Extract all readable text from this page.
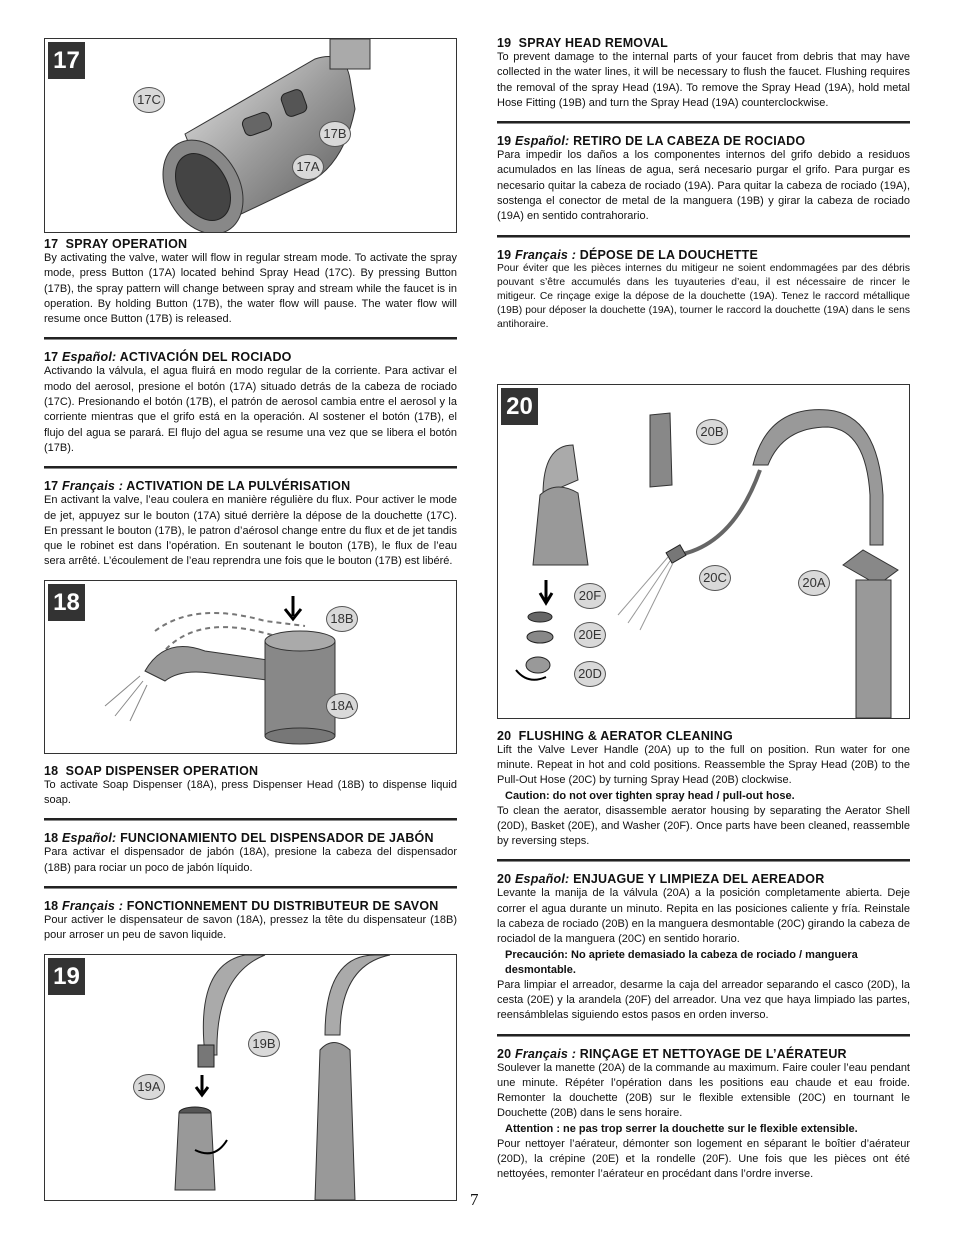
17
17C
17B
17A
17 SPRAY OPERATION

By activating the valve, water will flow in regular stream mode. To activate the spray mode, press Button (17A) located behind Spray Head (17C). By pressing Button (17B), the spray pattern will change between spray and stream while the faucet is in operation. By holding Button (17B), the water flow will pause. The water flow will resume once Button (17B) is released.

17 Español: ACTIVACIÓN DEL ROCIADO

Activando la válvula, el agua fluirá en modo regular de la corriente. Para activar el modo del aerosol, presione el botón (17A) situado detrás de la cabeza de rociado (17C). Presionando el botón (17B), el patrón de aerosol cambia entre el aerosol y la corriente mientras que el grifo está en la operación. Al sostener el botón (17B), el flujo del agua se parará. El flujo del agua se resume una vez que se libera el botón (17B).

17 Français : ACTIVATION DE LA PULVÉRISATION

En activant la valve, l’eau coulera en manière régulière du flux. Pour activer le mode de jet, appuyez sur le bouton (17A) situé derrière la dépose de la douchette (17C). En pressant le bouton (17B), le patron d’aérosol change entre du flux et de jet tandis que le robinet est dans l’opération. En soutenant le bouton (17B), le flux de l’eau sera arrêté. L’écoulement de l’eau reprendra une fois que le bouton (17B) est libéré.

18
18B
18A
18 SOAP DISPENSER OPERATION

To activate Soap Dispenser (18A), press Dispenser Head (18B) to dispense liquid soap.

18 Español: FUNCIONAMIENTO DEL DISPENSADOR DE JABÓN

Para activar el dispensador de jabón (18A), presione la cabeza del dispensador (18B) para rociar un poco de jabón líquido.

18 Français : FONCTIONNEMENT DU DISTRIBUTEUR DE SAVON

Pour activer le dispensateur de savon (18A), pressez la tête du dispensateur (18B) pour arroser un peu de savon liquide.

19
19B
19A
19 SPRAY HEAD REMOVAL

To prevent damage to the internal parts of your faucet from debris that may have collected in the water lines, it will be necessary to flush the faucet. Flushing requires the removal of the spray Head (19A). To remove the Spray Head (19A), hold metal Hose Fitting (19B) and turn the Spray Head (19A) counterclockwise.

19 Español: RETIRO DE LA CABEZA DE ROCIADO

Para impedir los daños a los componentes internos del grifo debido a residuos acumulados en las líneas de agua, será necesario purgar el grifo. Para purgar es necesario quitar la cabeza de rociado (19A). Para quitar la cabeza de rociado (19A), sostenga el conector de metal de la manguera (19B) y girar la cabeza de rociado (19A) en sentido contrahorario.

19 Français : DÉPOSE DE LA DOUCHETTE

Pour éviter que les pièces internes du mitigeur ne soient endommagées par des débris pouvant s’être accumulés dans les tuyauteries d’eau, il est nécessaire de rincer le mitigeur. Ce rinçage exige la dépose de la douchette (19A). Tenez le raccord métallique (19B) pour déposer la douchette (19A), tourner le raccord la douchette (19A) dans le sens antihoraire.

20
20B
20C	20A
20F
20E
20D
20 FLUSHING & AERATOR CLEANING

Lift the Valve Lever Handle (20A) up to the full on position. Run water for one minute. Repeat in hot and cold positions. Reassemble the Spray Head (20B) to the Pull-Out Hose (20C) by turning Spray Head (20B) clockwise.

Caution: do not over tighten spray head / pull-out hose.

To clean the aerator, disassemble aerator housing by separating the Aerator Shell (20D), Basket (20E), and Washer (20F). Once parts have been cleaned, reassemble by reversing steps.

20 Español: ENJUAGUE Y LIMPIEZA DEL AEREADOR

Levante la manija de la válvula (20A) a la posición completamente abierta. Deje correr el agua durante un minuto. Repita en las posiciones caliente y fría. Reinstale la cabeza de rociado (20B) en la manguera desmontable (20C) girando la cabeza de rociadol de la manguera (20C) en sentido horario.

Precaución: No apriete demasiado la cabeza de rociado / manguera desmontable.

Para limpiar el arreador, desarme la caja del arreador separando el casco (20D), la cesta (20E) y la arandela (20F) del arreador. Una vez que haya limpiado las partes, reensámblelas siguiendo estos pasos en orden inverso.

20 Français : RINÇAGE ET NETTOYAGE DE L’AÉRATEUR

Soulever la manette (20A) de la commande au maximum. Faire couler l’eau pendant une minute. Répéter l’opération dans les positions eau chaude et eau froide. Remonter la douchette (20B) sur le flexible extensible (20C) en tournant le Douchette (20B) dans le sens horaire.

Attention : ne pas trop serrer la douchette sur le flexible extensible.

Pour nettoyer l’aérateur, démonter son logement en séparant le boîtier d’aérateur (20D), la crépine (20E) et la rondelle (20F). Une fois que les pièces ont été nettoyées, remonter l’aérateur en procédant dans l’ordre inverse.

7
